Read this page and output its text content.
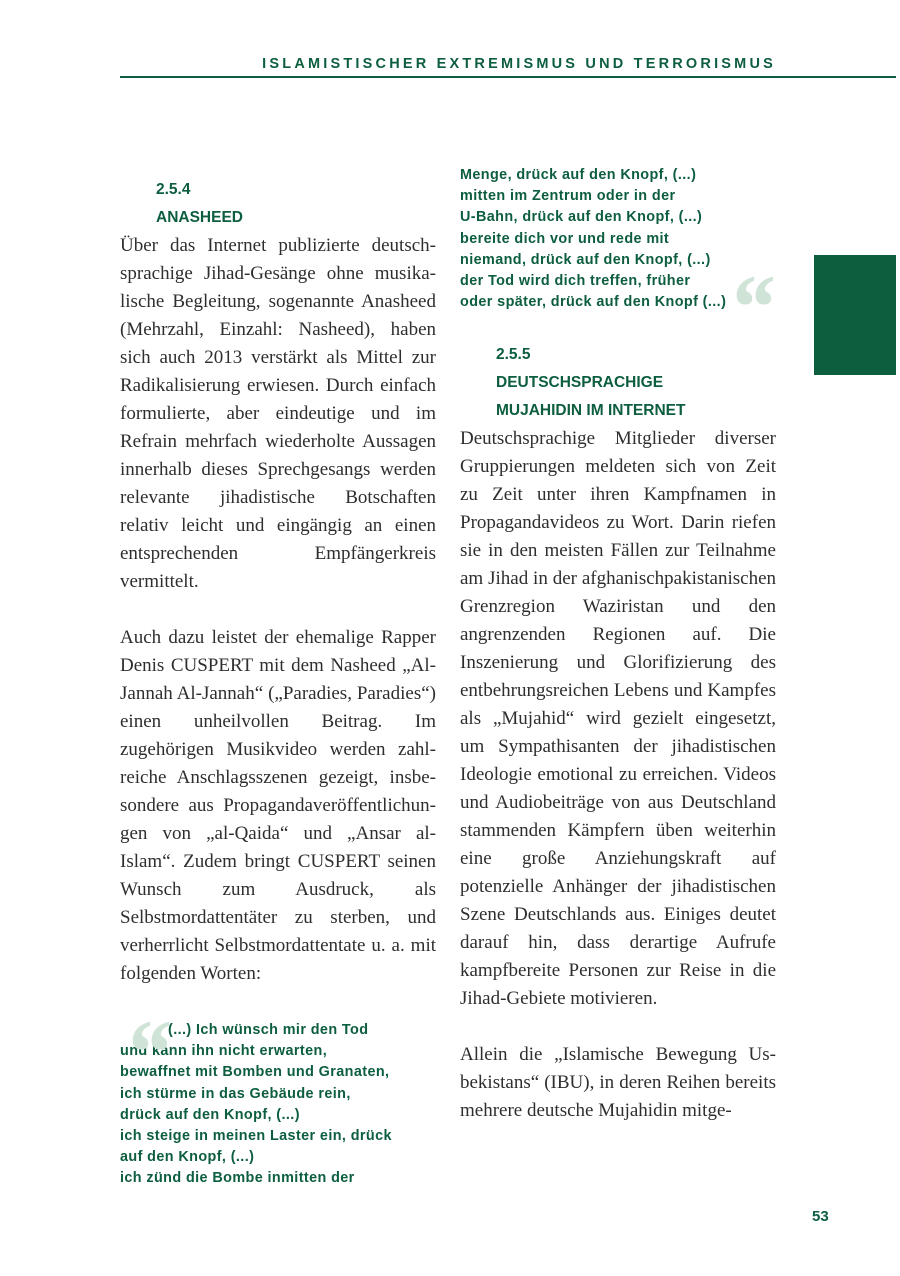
ISLAMISTISCHER EXTREMISMUS UND TERRORISMUS
2.5.4
ANASHEED

Über das Internet publizierte deutschsprachige Jihad-Gesänge ohne musikalische Begleitung, sogenannte Anasheed (Mehrzahl, Einzahl: Nasheed), haben sich auch 2013 verstärkt als Mittel zur Radikalisierung erwiesen. Durch einfach formulierte, aber eindeutige und im Refrain mehrfach wiederholte Aussagen innerhalb dieses Sprechgesangs werden relevante jihadistische Botschaften relativ leicht und eingängig an einen entsprechenden Empfängerkreis vermittelt.

Auch dazu leistet der ehemalige Rapper Denis CUSPERT mit dem Nasheed „Al-Jannah Al-Jannah“ („Paradies, Paradies“) einen unheilvollen Beitrag. Im zugehörigen Musikvideo werden zahlreiche Anschlagsszenen gezeigt, insbesondere aus Propagandaveröffentlichungen von „al-Qaida“ und „Ansar al-Islam“. Zudem bringt CUSPERT seinen Wunsch zum Ausdruck, als Selbstmordattentäter zu sterben, und verherrlicht Selbstmordattentate u. a. mit folgenden Worten:

“
(...) Ich wünsch mir den Tod
und kann ihn nicht erwarten,
bewaffnet mit Bomben und Granaten,
ich stürme in das Gebäude rein,
drück auf den Knopf, (...)
ich steige in meinen Laster ein, drück
auf den Knopf, (...)
ich zünd die Bombe inmitten der
“
Menge, drück auf den Knopf, (...)
mitten im Zentrum oder in der
U-Bahn, drück auf den Knopf, (...)
bereite dich vor und rede mit
niemand, drück auf den Knopf, (...)
der Tod wird dich treffen, früher
oder später, drück auf den Knopf (...)
2.5.5
DEUTSCHSPRACHIGE
MUJAHIDIN IM INTERNET

Deutschsprachige Mitglieder diverser Gruppierungen meldeten sich von Zeit zu Zeit unter ihren Kampfnamen in Propagandavideos zu Wort. Darin riefen sie in den meisten Fällen zur Teilnahme am Jihad in der afghanischpakistanischen Grenzregion Waziristan und den angrenzenden Regionen auf. Die Inszenierung und Glorifizierung des entbehrungsreichen Lebens und Kampfes als „Mujahid“ wird gezielt eingesetzt, um Sympathisanten der jihadistischen Ideologie emotional zu erreichen. Videos und Audiobeiträge von aus Deutschland stammenden Kämpfern üben weiterhin eine große Anziehungskraft auf potenzielle Anhänger der jihadistischen Szene Deutschlands aus. Einiges deutet darauf hin, dass derartige Aufrufe kampfbereite Personen zur Reise in die Jihad-Gebiete motivieren.

Allein die „Islamische Bewegung Usbekistans“ (IBU), in deren Reihen bereits mehrere deutsche Mujahidin mitge-

53
